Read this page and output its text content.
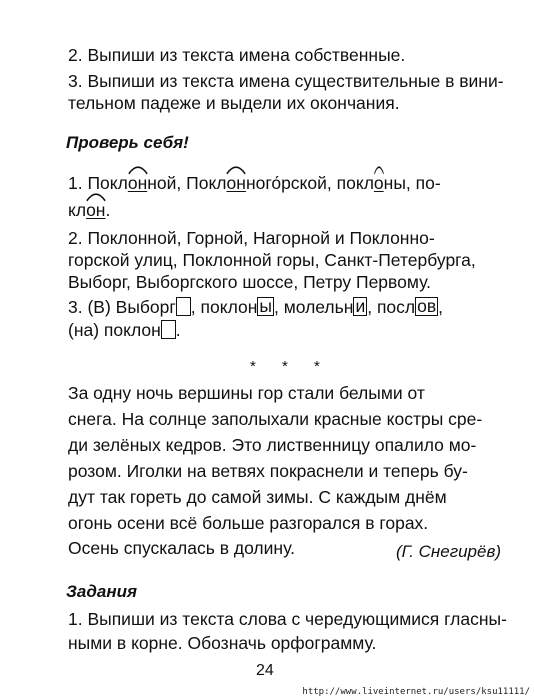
2. Выпиши из текста имена собственные.
3. Выпиши из текста имена существительные в вини-
тельном падеже и выдели их окончания.
Проверь себя!
1. Покл
онной, Покл
онногорской, покл
оны, по-
кл
он.
2. Поклонной, Горной, Нагорной и Поклонно-
горской улиц, Поклонной горы, Санкт-Петербурга,
Выборг, Выборгского шоссе, Петру Первому.
3. (В) Выборг , поклон ы , молельн и , посл ов ,
(на) поклон .
* * *
За одну ночь вершины гор стали белыми от
снега. На солнце заполыхали красные костры сре-
ди зелёных кедров. Это лиственницу опалило мо-
розом. Иголки на ветвях покраснели и теперь бу-
дут так гореть до самой зимы. С каждым днём
огонь осени всё больше разгорался в горах.
Осень спускалась в долину.	(Г. Снегирёв)
Задания
1. Выпиши из текста слова с чередующимися гласны-
ными в корне. Обозначь орфограмму.
24
http://www.liveinternet.ru/users/ksu11111/
